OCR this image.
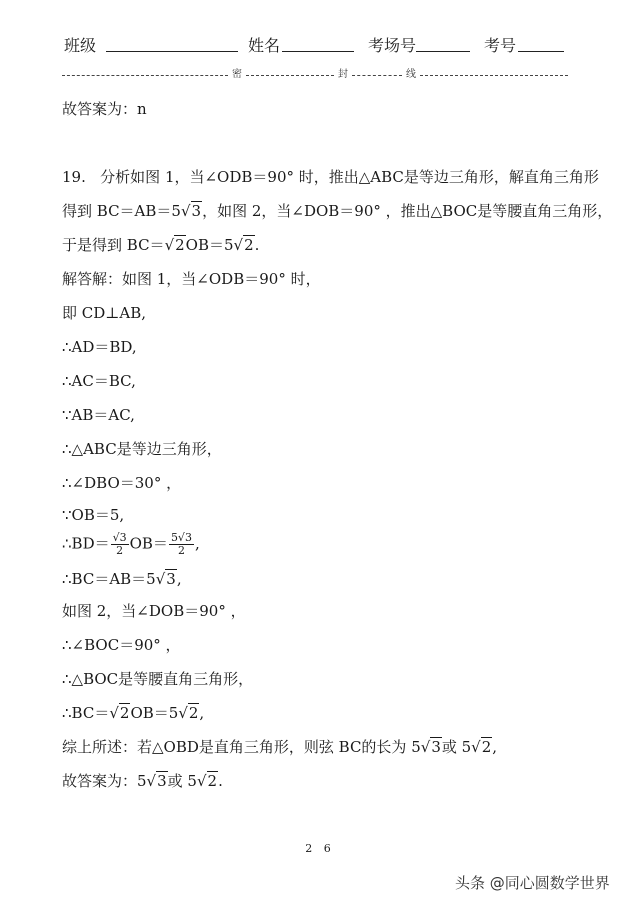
班级	姓名	考场号	考号
密	封	线
故答案为：n
19. 分析如图 1，当∠ODB＝90° 时，推出△ABC是等边三角形，解直角三角形
得到 BC＝AB＝5√3，如图 2，当∠DOB＝90° ，推出△BOC是等腰直角三角形，
于是得到 BC＝√2OB＝5√2.
解答解：如图 1，当∠ODB＝90° 时，
即 CD⊥AB,
∴AD＝BD,
∴AC＝BC,
∵AB＝AC,
∴△ABC是等边三角形，
∴∠DBO＝30° ，
∵OB＝5,
∴BD＝ $\frac{√3}{2} OB= \frac{5√3}{2}$ ,
∴BC＝AB＝5√3,
如图 2，当∠DOB＝90° ，
∴∠BOC＝90° ，
∴△BOC是等腰直角三角形，
∴BC＝√2OB＝5√2,
综上所述：若△OBD是直角三角形，则弦 BC的长为 5√3或 5√2,
故答案为：5√3或 5√2.
2 6
头条 @同心圆数学世界
